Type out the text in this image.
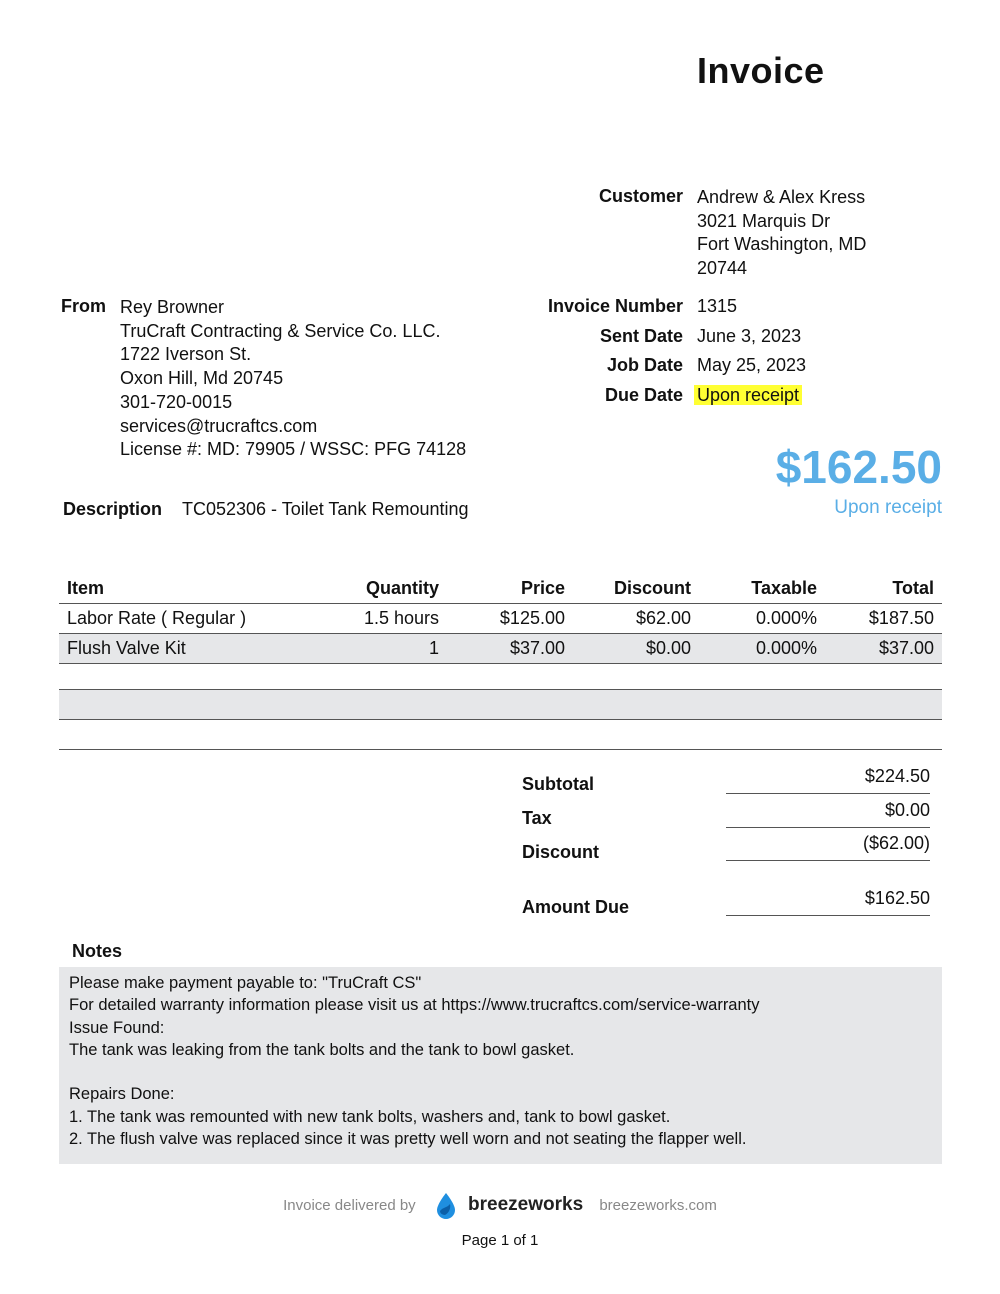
Invoice
Customer Andrew & Alex Kress
3021 Marquis Dr
Fort Washington, MD
20744
From Rey Browner
TruCraft Contracting & Service Co. LLC.
1722 Iverson St.
Oxon Hill, Md 20745
301-720-0015
services@trucraftcs.com
License #: MD: 79905 / WSSC: PFG 74128
Invoice Number 1315
Sent Date June 3, 2023
Job Date May 25, 2023
Due Date Upon receipt
$162.50
Upon receipt
Description TC052306 - Toilet Tank Remounting
Item	Quantity	Price	Discount	Taxable	Total
Labor Rate ( Regular )	1.5 hours	$125.00	$62.00	0.000%	$187.50
Flush Valve Kit	1	$37.00	$0.00	0.000%	$37.00
Subtotal	$224.50
Tax	$0.00
Discount	($62.00)
Amount Due	$162.50
Notes
Please make payment payable to: "TruCraft CS"
For detailed warranty information please visit us at https://www.trucraftcs.com/service-warranty
Issue Found:
The tank was leaking from the tank bolts and the tank to bowl gasket.
Repairs Done:
1. The tank was remounted with new tank bolts, washers and, tank to bowl gasket.
2. The flush valve was replaced since it was pretty well worn and not seating the flapper well.
Invoice delivered by	breezeworks breezeworks.com
Page 1 of 1
